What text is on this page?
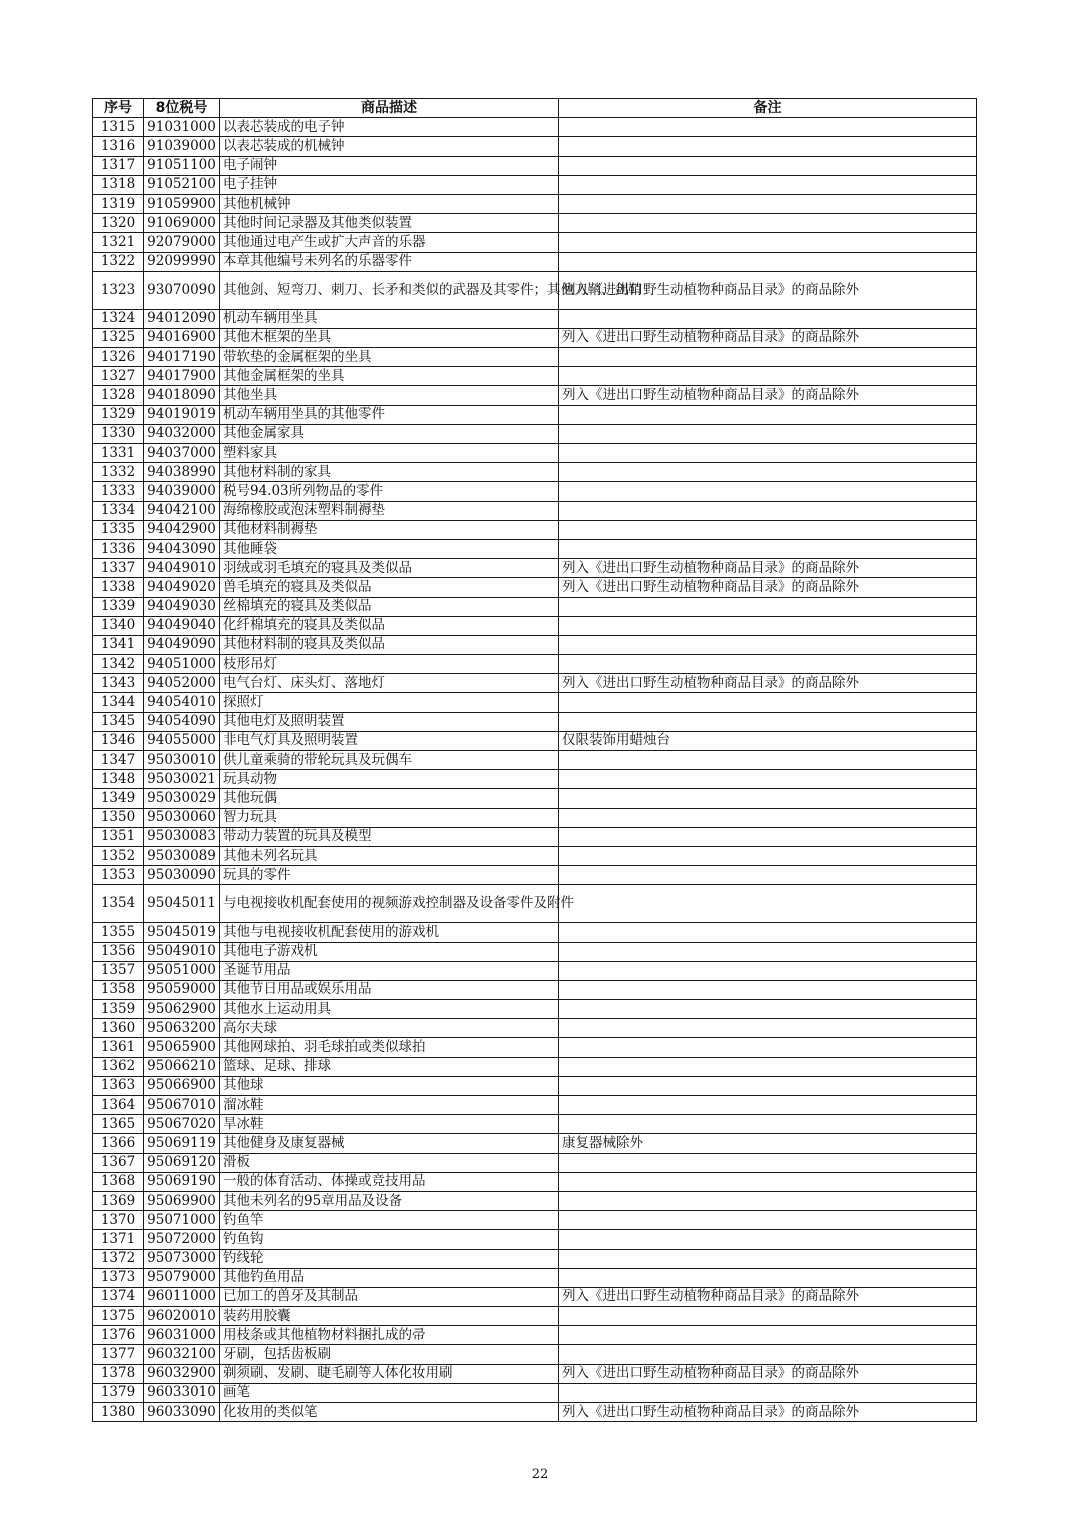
序号	8位税号	商品描述	备注
1315	91031000	以表芯装成的电子钟	
1316	91039000	以表芯装成的机械钟	
1317	91051100	电子闹钟	
1318	91052100	电子挂钟	
1319	91059900	其他机械钟	
1320	91069000	其他时间记录器及其他类似装置	
1321	92079000	其他通过电产生或扩大声音的乐器	
1322	92099990	本章其他编号未列名的乐器零件	
1323	93070090	其他剑、短弯刀、刺刀、长矛和类似的武器及其零件；其他刀鞘、剑鞘	列入《进出口野生动植物种商品目录》的商品除外
1324	94012090	机动车辆用坐具	
1325	94016900	其他木框架的坐具	列入《进出口野生动植物种商品目录》的商品除外
1326	94017190	带软垫的金属框架的坐具	
1327	94017900	其他金属框架的坐具	
1328	94018090	其他坐具	列入《进出口野生动植物种商品目录》的商品除外
1329	94019019	机动车辆用坐具的其他零件	
1330	94032000	其他金属家具	
1331	94037000	塑料家具	
1332	94038990	其他材料制的家具	
1333	94039000	税号94.03所列物品的零件	
1334	94042100	海绵橡胶或泡沫塑料制褥垫	
1335	94042900	其他材料制褥垫	
1336	94043090	其他睡袋	
1337	94049010	羽绒或羽毛填充的寝具及类似品	列入《进出口野生动植物种商品目录》的商品除外
1338	94049020	兽毛填充的寝具及类似品	列入《进出口野生动植物种商品目录》的商品除外
1339	94049030	丝棉填充的寝具及类似品	
1340	94049040	化纤棉填充的寝具及类似品	
1341	94049090	其他材料制的寝具及类似品	
1342	94051000	枝形吊灯	
1343	94052000	电气台灯、床头灯、落地灯	列入《进出口野生动植物种商品目录》的商品除外
1344	94054010	探照灯	
1345	94054090	其他电灯及照明装置	
1346	94055000	非电气灯具及照明装置	仅限装饰用蜡烛台
1347	95030010	供儿童乘骑的带轮玩具及玩偶车	
1348	95030021	玩具动物	
1349	95030029	其他玩偶	
1350	95030060	智力玩具	
1351	95030083	带动力装置的玩具及模型	
1352	95030089	其他未列名玩具	
1353	95030090	玩具的零件	
1354	95045011	与电视接收机配套使用的视频游戏控制器及设备零件及附件	
1355	95045019	其他与电视接收机配套使用的游戏机	
1356	95049010	其他电子游戏机	
1357	95051000	圣诞节用品	
1358	95059000	其他节日用品或娱乐用品	
1359	95062900	其他水上运动用具	
1360	95063200	高尔夫球	
1361	95065900	其他网球拍、羽毛球拍或类似球拍	
1362	95066210	篮球、足球、排球	
1363	95066900	其他球	
1364	95067010	溜冰鞋	
1365	95067020	旱冰鞋	
1366	95069119	其他健身及康复器械	康复器械除外
1367	95069120	滑板	
1368	95069190	一般的体育活动、体操或竞技用品	
1369	95069900	其他未列名的95章用品及设备	
1370	95071000	钓鱼竿	
1371	95072000	钓鱼钩	
1372	95073000	钓线轮	
1373	95079000	其他钓鱼用品	
1374	96011000	已加工的兽牙及其制品	列入《进出口野生动植物种商品目录》的商品除外
1375	96020010	装药用胶囊	
1376	96031000	用枝条或其他植物材料捆扎成的帚	
1377	96032100	牙刷，包括齿板刷	
1378	96032900	剃须刷、发刷、睫毛刷等人体化妆用刷	列入《进出口野生动植物种商品目录》的商品除外
1379	96033010	画笔	
1380	96033090	化妆用的类似笔	列入《进出口野生动植物种商品目录》的商品除外
22
